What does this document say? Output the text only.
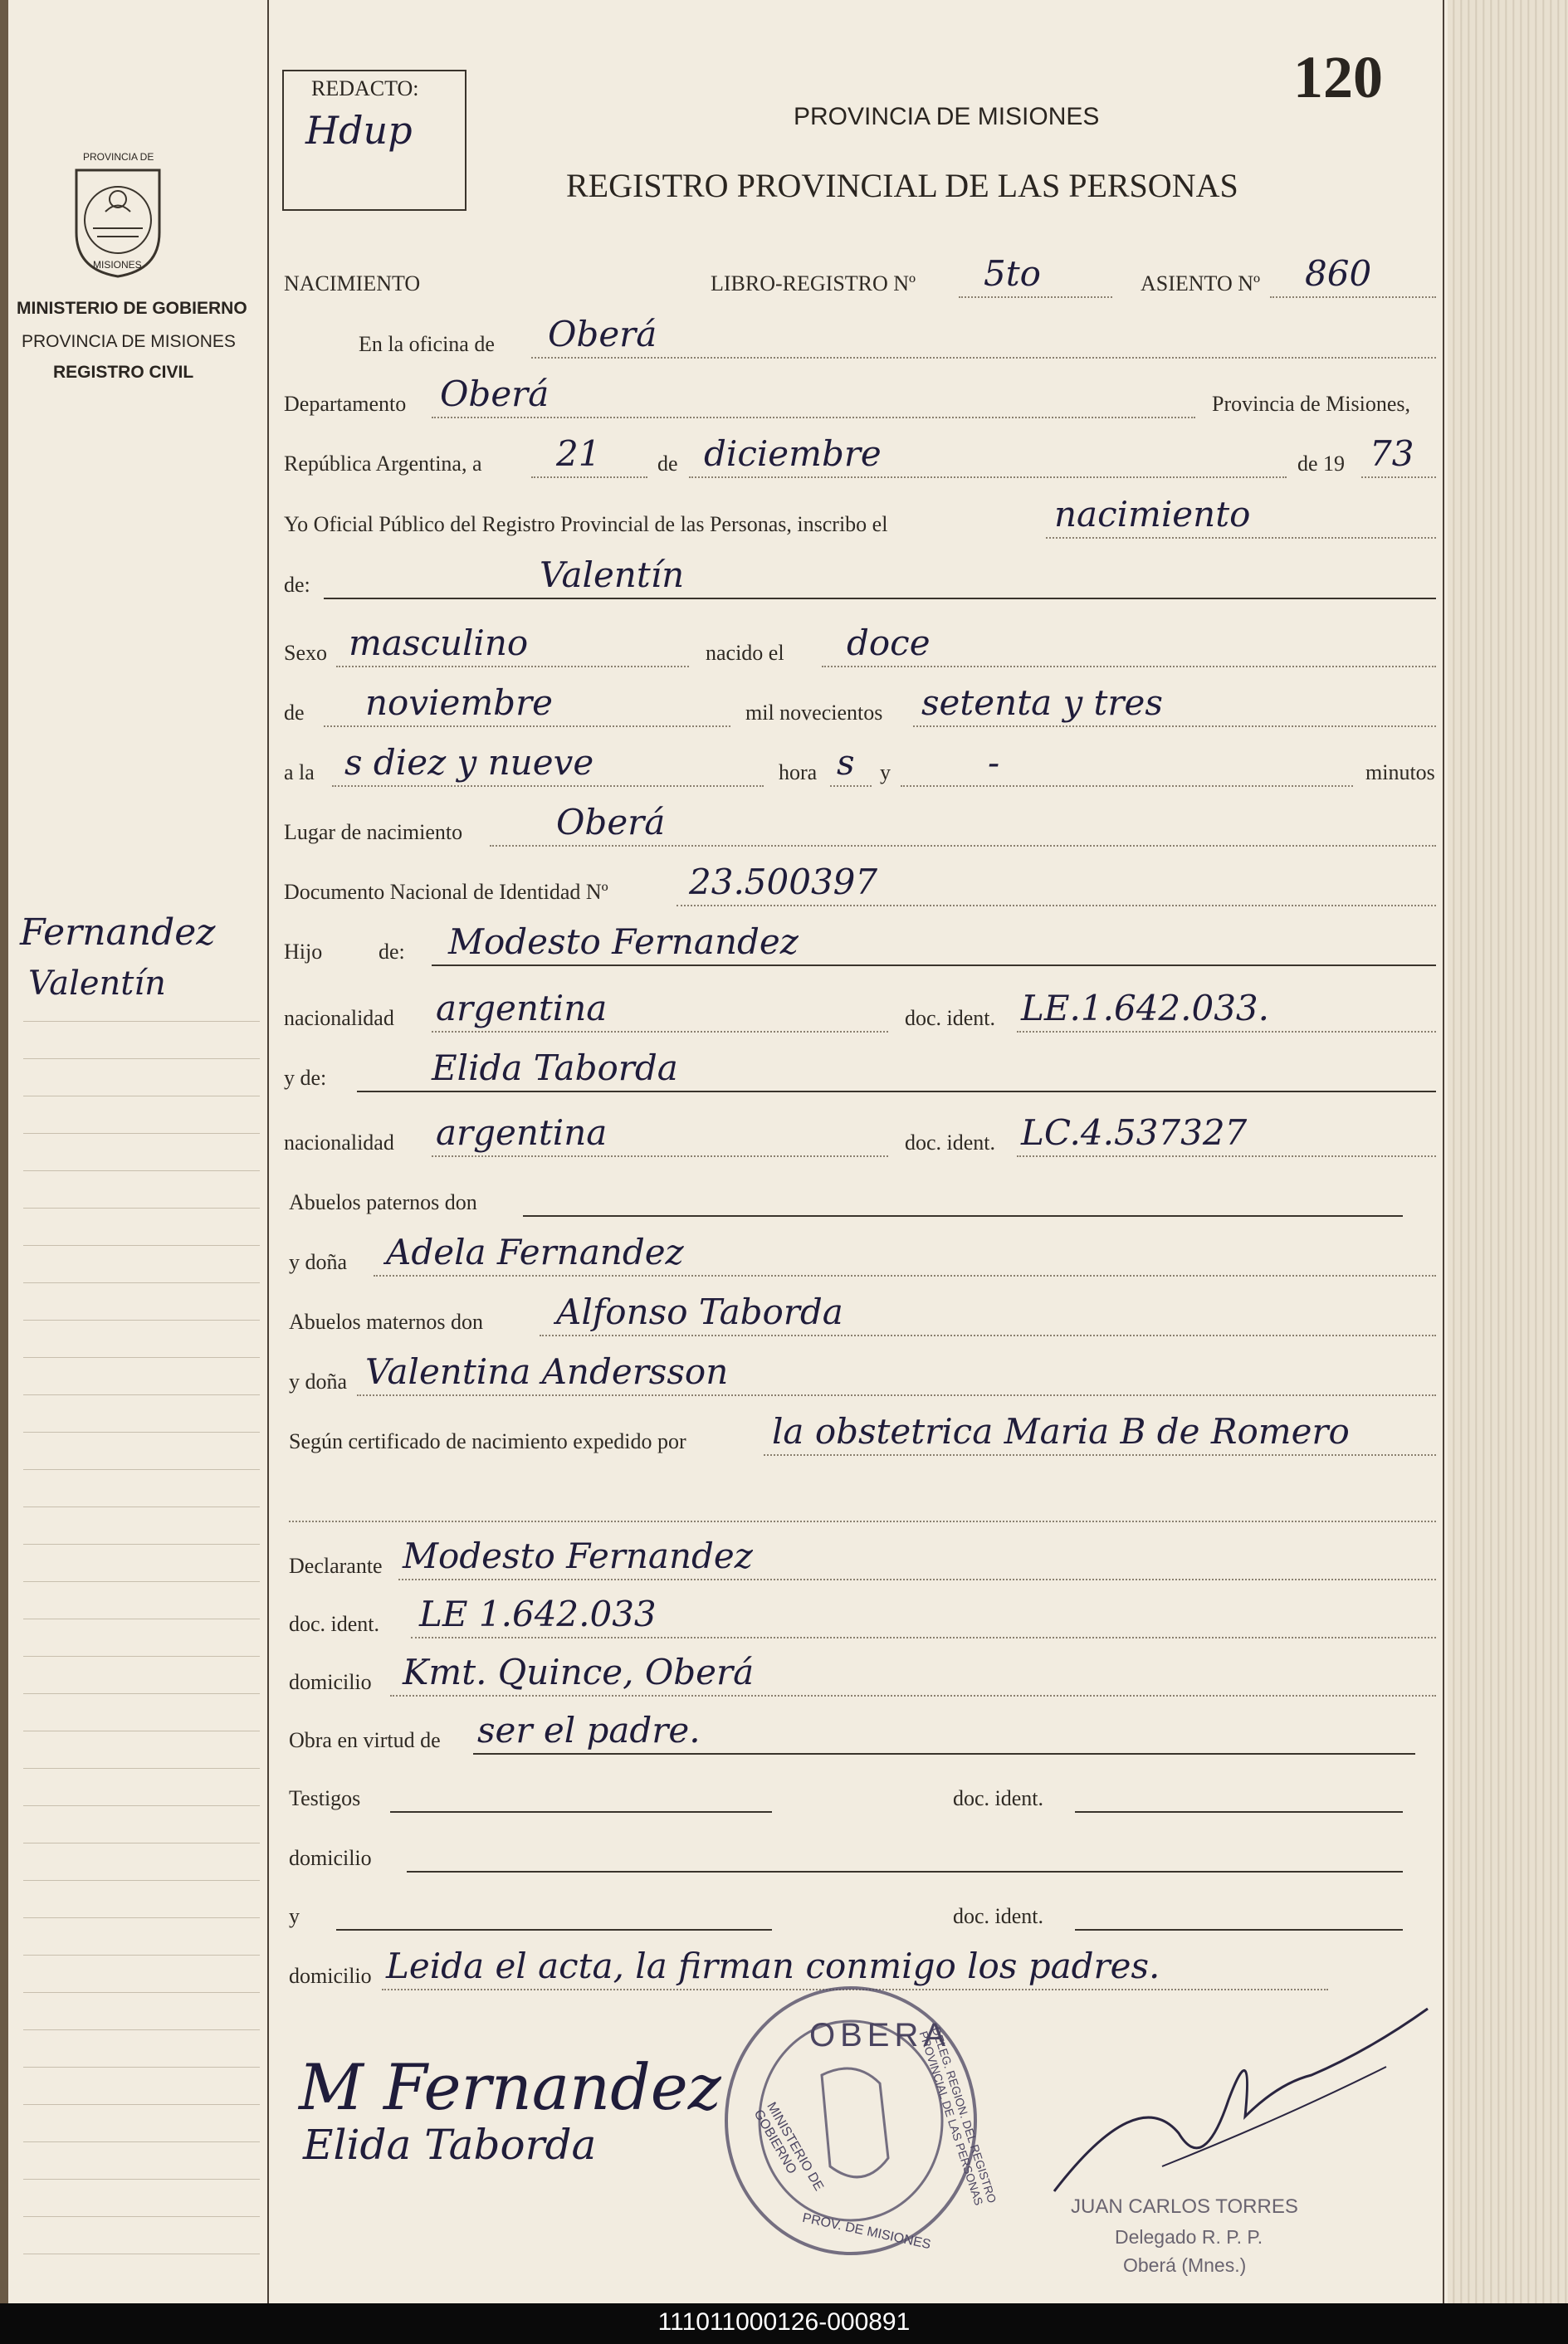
111011000126-000891
PROVINCIA DE
MISIONES
MINISTERIO DE GOBIERNO
PROVINCIA DE MISIONES
REGISTRO CIVIL
Fernandez
Valentín
REDACTO:
Hdup
120
PROVINCIA DE MISIONES
REGISTRO PROVINCIAL DE LAS PERSONAS
NACIMIENTO	LIBRO-REGISTRO Nº 5to	ASIENTO Nº 860
En la oficina de Oberá
Departamento Oberá	Provincia de Misiones,
República Argentina, a 21	de diciembre	de 19 73
Yo Oficial Público del Registro Provincial de las Personas, inscribo el	nacimiento
de:	Valentín
Sexo masculino	nacido el doce
de noviembre	mil novecientos setenta y tres
a la s diez y nueve	hora s y	-	minutos
Lugar de nacimiento	Oberá
Documento Nacional de Identidad Nº 23.500397
Hijo	de: Modesto Fernandez
nacionalidad argentina	doc. ident. LE.1.642.033.
y de:	Elida Taborda
nacionalidad argentina	doc. ident. LC.4.537327
Abuelos paternos don
y doña Adela Fernandez
Abuelos maternos don Alfonso Taborda
y doña Valentina Andersson
Según certificado de nacimiento expedido por la obstetrica Maria B de Romero
Declarante Modesto Fernandez
doc. ident. LE 1.642.033
domicilio Kmt. Quince, Oberá
Obra en virtud de ser el padre.
Testigos	doc. ident.
domicilio
y	doc. ident.
domicilio Leida el acta, la firman conmigo los padres.
OBERA
DELEG. REGION. DEL REGISTRO PROVINCIAL DE LAS PERSONAS
MINISTERIO DE GOBIERNO
PROV. DE MISIONES
M Fernandez
Elida Taborda
JUAN CARLOS TORRES
Delegado R. P. P.
Oberá (Mnes.)
